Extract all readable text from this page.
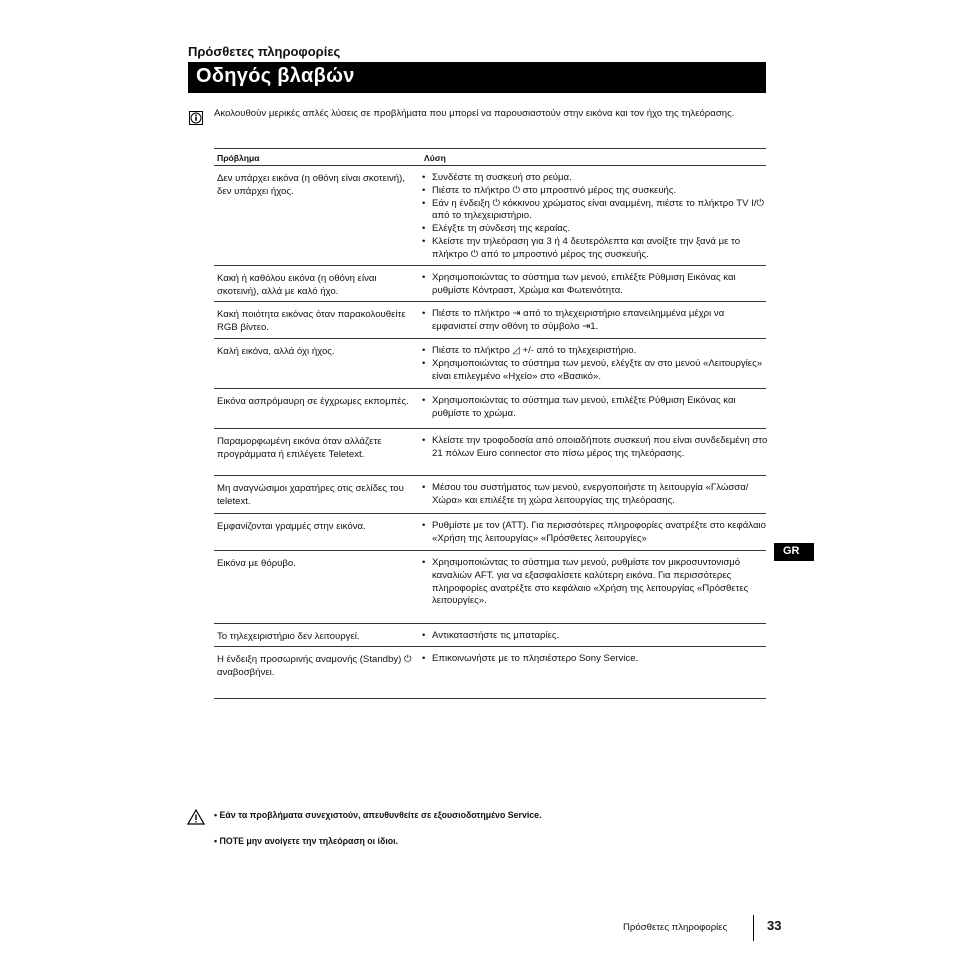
Πρόσθετες πληροφορίες
Οδηγός βλαβών
Ακολουθούν μερικές απλές λύσεις σε προβλήματα που μπορεί να παρουσιαστούν στην εικόνα και τον ήχο της τηλεόρασης.
Πρόβλημα	Λύση
Δεν υπάρχει εικόνα (η οθόνη είναι σκοτεινή), δεν υπάρχει ήχος.
• Συνδέστε τη συσκευή στο ρεύμα.
• Πιέστε το πλήκτρο ⏻ στο μπροστινό μέρος της συσκευής.
• Εάν η ένδειξη ⏻ κόκκινου χρώματος είναι αναμμένη, πιέστε το πλήκτρο TV I/⏻ από το τηλεχειριστήριο.
• Ελέγξτε τη σύνδεση της κεραίας.
• Κλείστε την τηλεόραση για 3 ή 4 δευτερόλεπτα και ανοίξτε την ξανά με το πλήκτρο ⏻ από το μπροστινό μέρος της συσκευής.
Κακή ή καθόλου εικόνα (η οθόνη είναι σκοτεινή), αλλά με καλό ήχο.
• Χρησιμοποιώντας το σύστημα των μενού, επιλέξτε Ρύθμιση Εικόνας και ρυθμίστε Κόντραστ, Χρώμα και Φωτεινότητα.
Κακή ποιότητα εικόνας όταν παρακολουθείτε RGB βίντεο.
• Πιέστε το πλήκτρο ⇥ από το τηλεχειριστήριο επανειλημμένα μέχρι να εμφανιστεί στην οθόνη το σύμβολο ⇥1.
Καλή εικόνα, αλλά όχι ήχος.	• Πιέστε το πλήκτρο ◿ +/- από το τηλεχειριστήριο.
• Χρησιμοποιώντας το σύστημα των μενού, ελέγξτε αν στο μενού «Λειτουργίες» είναι επιλεγμένο «Ηχείο» στο «Βασικό».
Εικόνα ασπρόμαυρη σε έγχρωμες εκπομπές.	• Χρησιμοποιώντας το σύστημα των μενού, επιλέξτε Ρύθμιση Εικόνας και ρυθμίστε το χρώμα.
Παραμορφωμένη εικόνα όταν αλλάζετε προγράμματα ή επιλέγετε Teletext.
• Κλείστε την τροφοδοσία από οποιαδήποτε συσκευή που είναι συνδεδεμένη στο 21 πόλων Euro connector στο πίσω μέρος της τηλεόρασης.
Μη αναγνώσιμοι χαρατήρες οτις σελίδες του teletext.
• Μέσου του συστήματος των μενού, ενεργοποιήστε τη λειτουργία «Γλώσσα/Χώρα» και επιλέξτε τη χώρα λειτουργίας της τηλεόρασης.
Εμφανίζονται γραμμές στην εικόνα.	• Ρυθμίστε με τον (ATT). Για περισσότερες πληροφορίες ανατρέξτε στο κεφάλαιο «Χρήση της λειτουργίας» «Πρόσθετες λειτουργίες»
Εικόνα με θόρυβο.	• Χρησιμοποιώντας το σύστημα των μενού, ρυθμίστε τον μικροσυντονισμό καναλιών AFT. για να εξασφαλίσετε καλύτερη εικόνα. Για περισσότερες πληροφορίες ανατρέξτε στο κεφάλαιο «Χρήση της λειτουργίας «Πρόσθετες λειτουργίες».
Το τηλεχειριστήριο δεν λειτουργεί.	• Αντικαταστήστε τις μπαταρίες.
Η ένδειξη προσωρινής αναμονής (Standby) ⏻ αναβοσβήνει.
• Επικοινωνήστε με το πλησιέστερο Sony Service.
GR
• Εάν τα προβλήματα συνεχιστούν, απευθυνθείτε σε εξουσιοδοτημένο Service.
• ΠΟΤΕ μην ανοίγετε την τηλεόραση οι ίδιοι.
Πρόσθετες πληροφορίες	33
